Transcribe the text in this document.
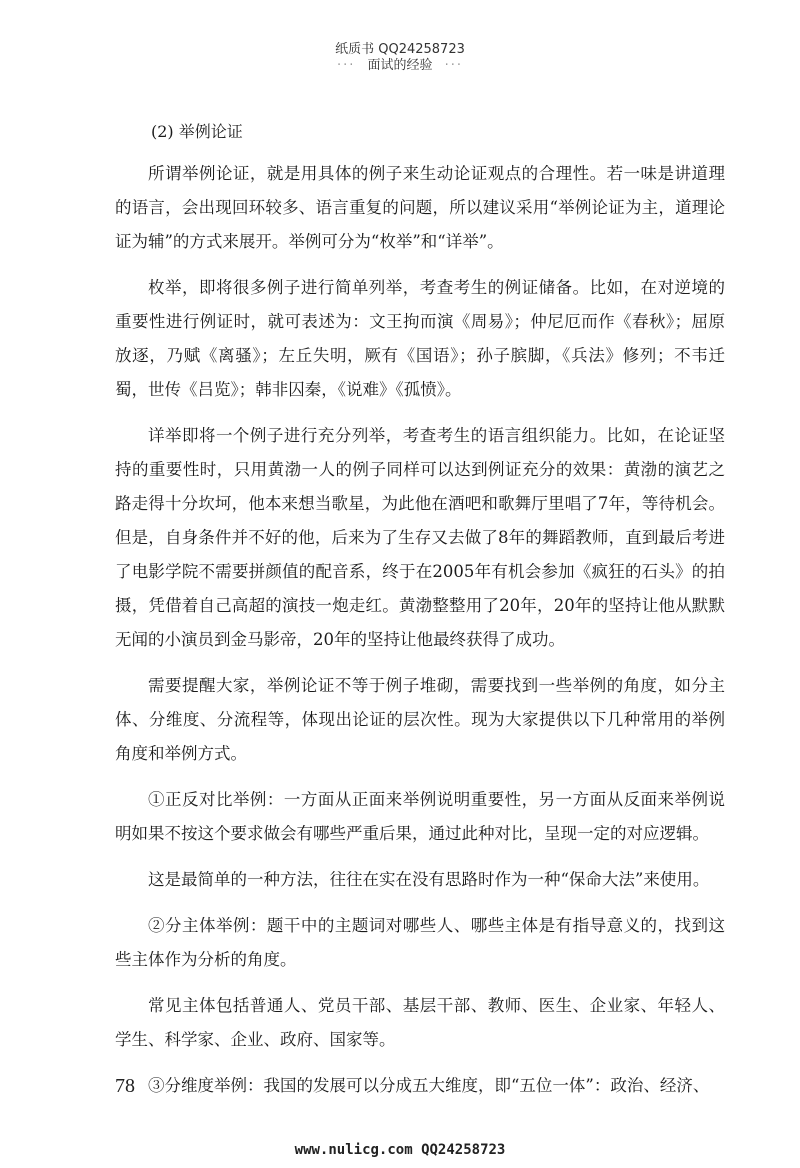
纸质书 QQ24258723
··· 面试的经验 ···
(2) 举例论证

所谓举例论证，就是用具体的例子来生动论证观点的合理性。若一味是讲道理的语言，会出现回环较多、语言重复的问题，所以建议采用“举例论证为主，道理论证为辅”的方式来展开。举例可分为“枚举”和“详举”。

枚举，即将很多例子进行简单列举，考查考生的例证储备。比如，在对逆境的重要性进行例证时，就可表述为：文王拘而演《周易》；仲尼厄而作《春秋》；屈原放逐，乃赋《离骚》；左丘失明，厥有《国语》；孙子膑脚，《兵法》修列；不韦迁蜀，世传《吕览》；韩非囚秦，《说难》《孤愤》。

详举即将一个例子进行充分列举，考查考生的语言组织能力。比如，在论证坚持的重要性时，只用黄渤一人的例子同样可以达到例证充分的效果：黄渤的演艺之路走得十分坎坷，他本来想当歌星，为此他在酒吧和歌舞厅里唱了7年，等待机会。但是，自身条件并不好的他，后来为了生存又去做了8年的舞蹈教师，直到最后考进了电影学院不需要拼颜值的配音系，终于在2005年有机会参加《疯狂的石头》的拍摄，凭借着自己高超的演技一炮走红。黄渤整整用了20年，20年的坚持让他从默默无闻的小演员到金马影帝，20年的坚持让他最终获得了成功。

需要提醒大家，举例论证不等于例子堆砌，需要找到一些举例的角度，如分主体、分维度、分流程等，体现出论证的层次性。现为大家提供以下几种常用的举例角度和举例方式。

①正反对比举例：一方面从正面来举例说明重要性，另一方面从反面来举例说明如果不按这个要求做会有哪些严重后果，通过此种对比，呈现一定的对应逻辑。

这是最简单的一种方法，往往在实在没有思路时作为一种“保命大法”来使用。

②分主体举例：题干中的主题词对哪些人、哪些主体是有指导意义的，找到这些主体作为分析的角度。

常见主体包括普通人、党员干部、基层干部、教师、医生、企业家、年轻人、学生、科学家、企业、政府、国家等。

③分维度举例：我国的发展可以分成五大维度，即“五位一体”：政治、经济、

78
www.nulicg.com QQ24258723
